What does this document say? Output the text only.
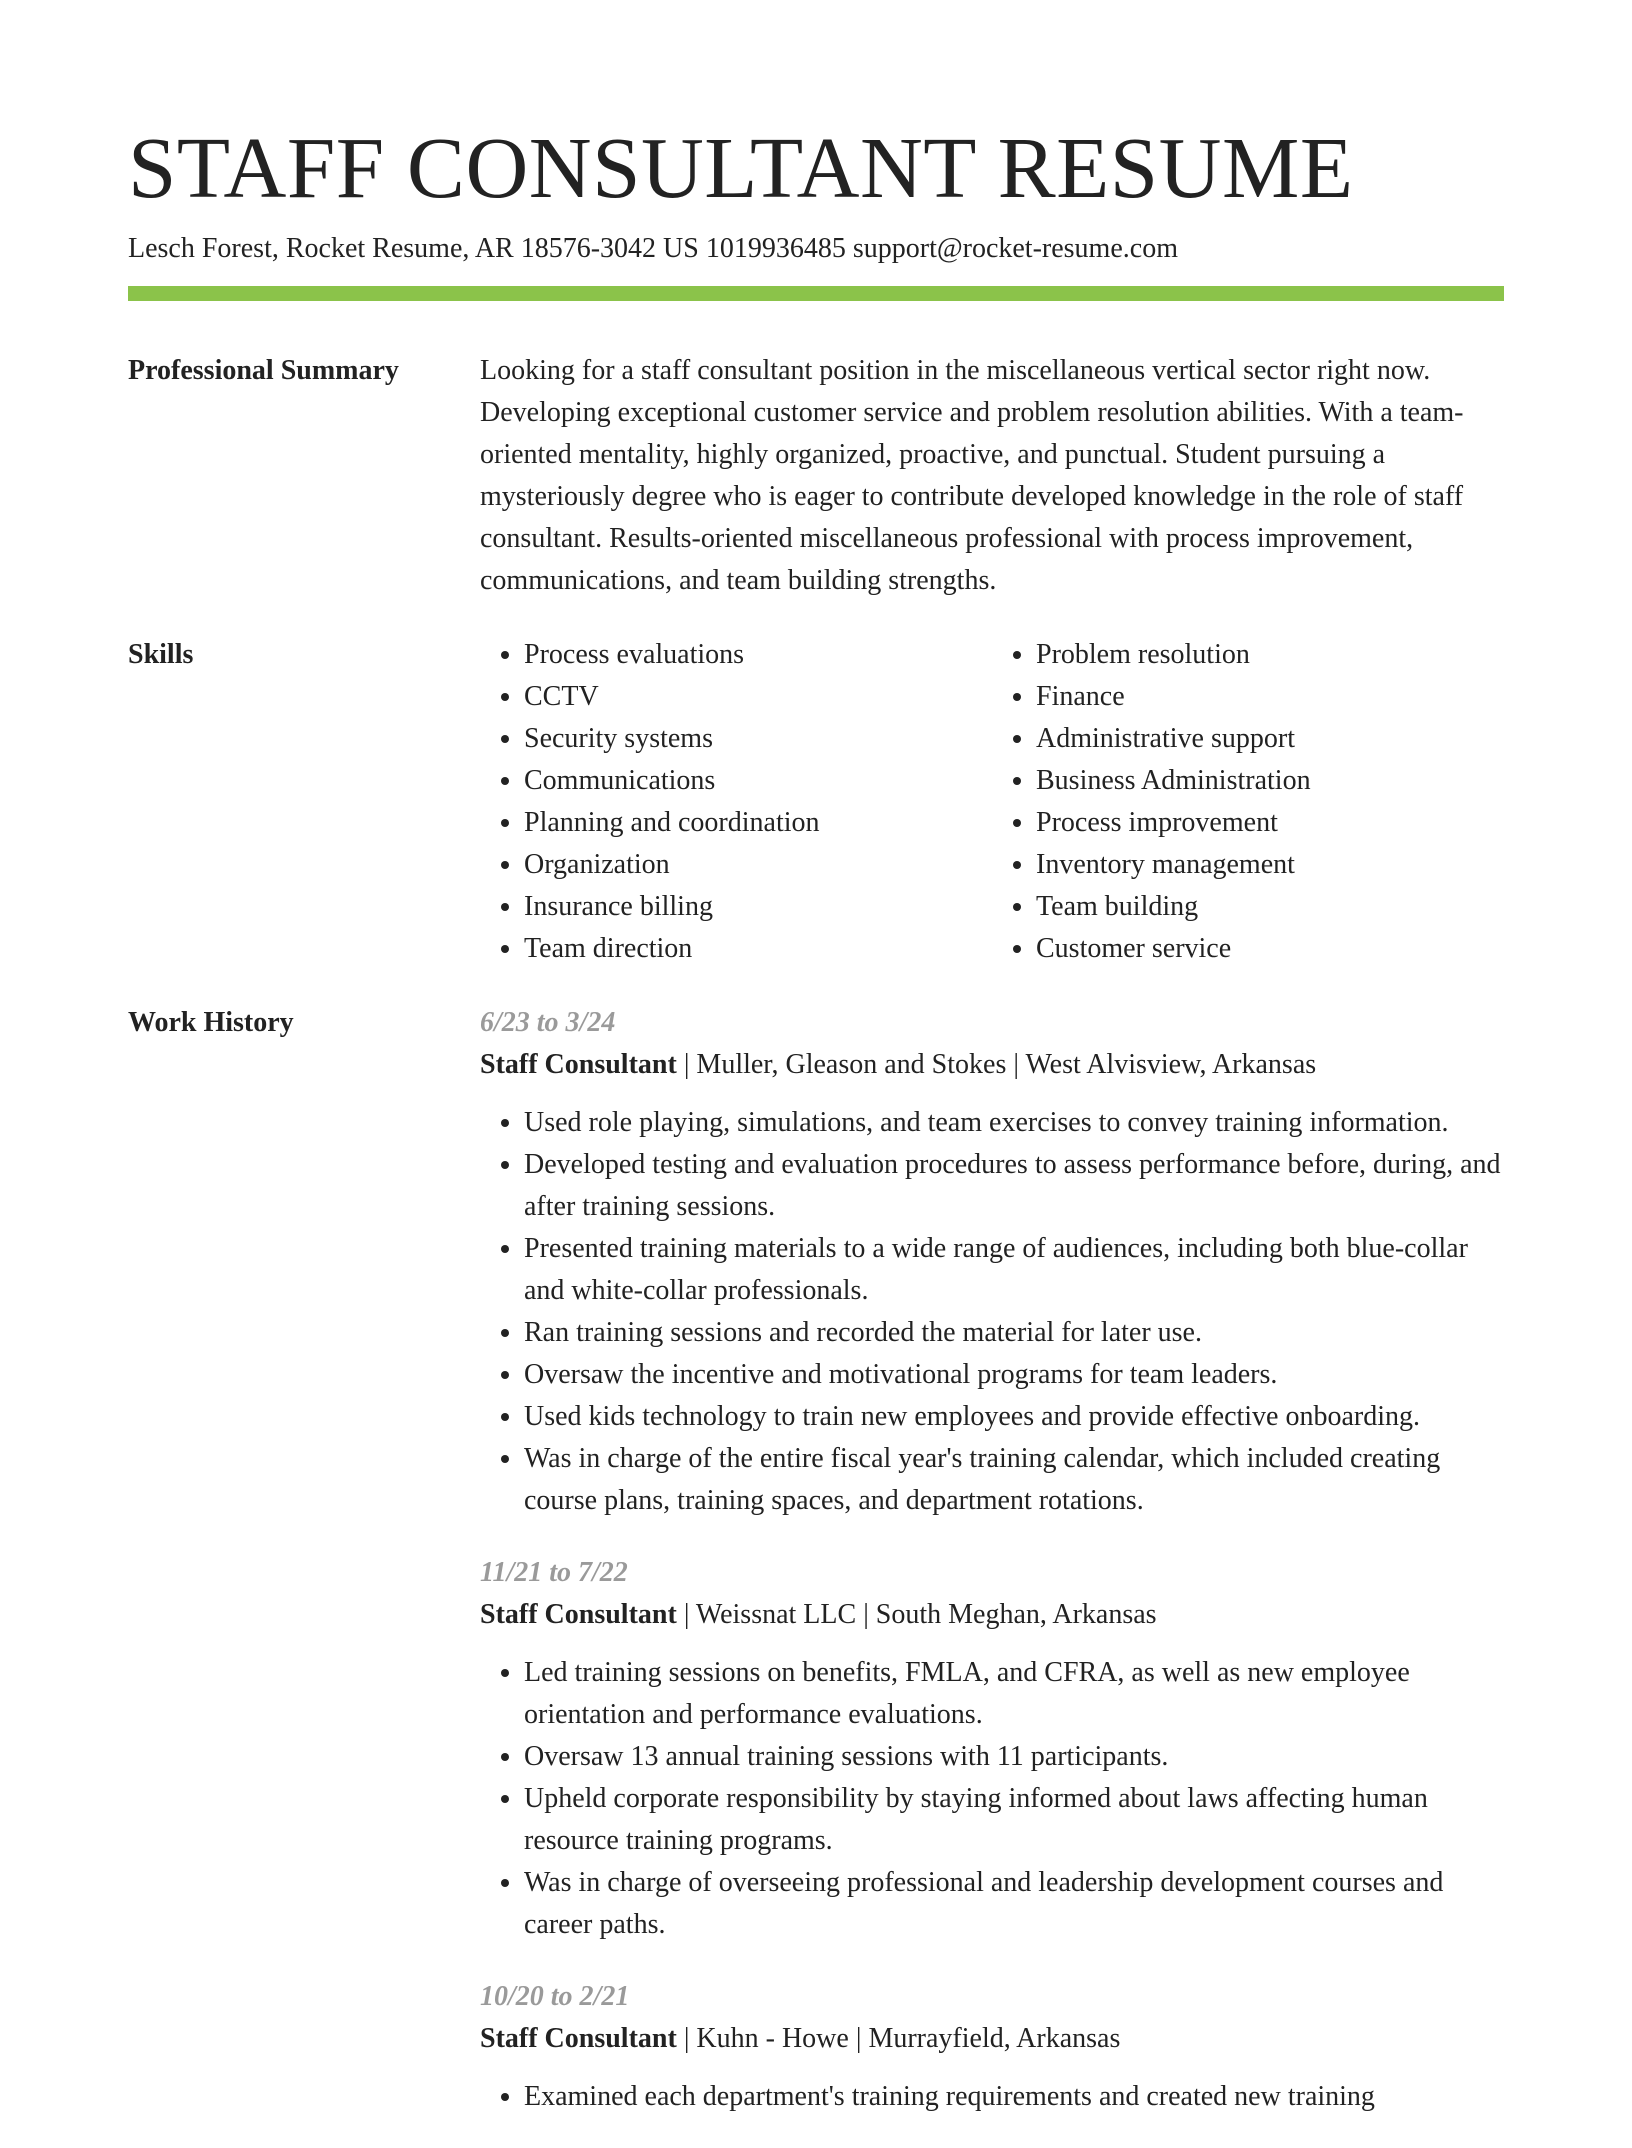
STAFF CONSULTANT RESUME
Lesch Forest, Rocket Resume, AR 18576-3042 US 1019936485 support@rocket-resume.com
Professional Summary	Looking for a staff consultant position in the miscellaneous vertical sector right now. Developing exceptional customer service and problem resolution abilities. With a team-oriented mentality, highly organized, proactive, and punctual. Student pursuing a mysteriously degree who is eager to contribute developed knowledge in the role of staff consultant. Results-oriented miscellaneous professional with process improvement, communications, and team building strengths.

Skills
•	Process evaluations
• CCTV
• Security systems
• Communications
• Planning and coordination
• Organization
• Insurance billing
• Team direction
• Problem resolution
• Finance
• Administrative support
• Business Administration
• Process improvement
• Inventory management
• Team building
• Customer service
Work History	6/23 to 3/24
Staff Consultant | Muller, Gleason and Stokes | West Alvisview, Arkansas
• Used role playing, simulations, and team exercises to convey training information.
• Developed testing and evaluation procedures to assess performance before, during, and after training sessions.
• Presented training materials to a wide range of audiences, including both blue-collar and white-collar professionals.
• Ran training sessions and recorded the material for later use.
• Oversaw the incentive and motivational programs for team leaders.
• Used kids technology to train new employees and provide effective onboarding.
• Was in charge of the entire fiscal year's training calendar, which included creating course plans, training spaces, and department rotations.
11/21 to 7/22
Staff Consultant | Weissnat LLC | South Meghan, Arkansas
• Led training sessions on benefits, FMLA, and CFRA, as well as new employee orientation and performance evaluations.
• Oversaw 13 annual training sessions with 11 participants.
• Upheld corporate responsibility by staying informed about laws affecting human resource training programs.
• Was in charge of overseeing professional and leadership development courses and career paths.
10/20 to 2/21
Staff Consultant | Kuhn - Howe | Murrayfield, Arkansas
• Examined each department's training requirements and created new training
